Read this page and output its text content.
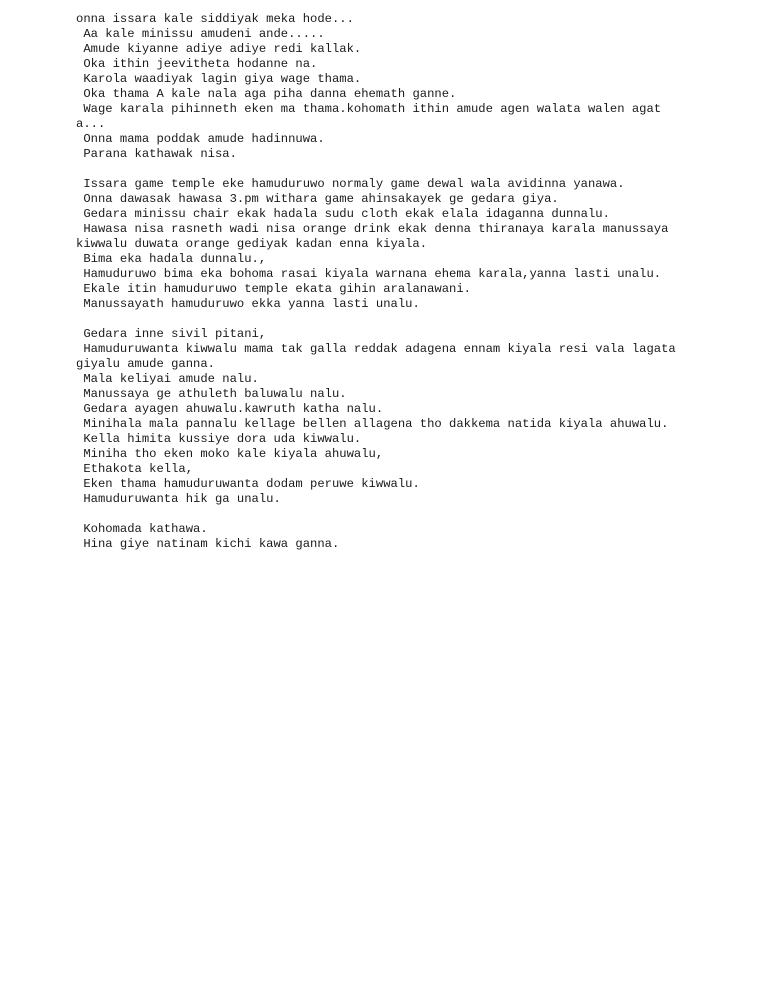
onna issara kale siddiyak meka hode...
Aa kale minissu amudeni ande.....
Amude kiyanne adiye adiye redi kallak.
Oka ithin jeevitheta hodanne na.
Karola waadiyak lagin giya wage thama.
Oka thama A kale nala aga piha danna ehemath ganne.
Wage karala pihinneth eken ma thama.kohomath ithin amude agen walata walen agata...
Onna mama poddak amude hadinnuwa.
Parana kathawak nisa.
Issara game temple eke hamuduruwo normaly game dewal wala avidinna yanawa.
Onna dawasak hawasa 3.pm withara game ahinsakayek ge gedara giya.
Gedara minissu chair ekak hadala sudu cloth ekak elala idaganna dunnalu.
Hawasa nisa rasneth wadi nisa orange drink ekak denna thiranaya karala manussaya kiwwalu duwata orange gediyak kadan enna kiyala.
Bima eka hadala dunnalu.,
Hamuduruwo bima eka bohoma rasai kiyala warnana ehema karala,yanna lasti unalu.
Ekale itin hamuduruwo temple ekata gihin aralanawani.
Manussayath hamuduruwo ekka yanna lasti unalu.
Gedara inne sivil pitani,
Hamuduruwanta kiwwalu mama tak galla reddak adagena ennam kiyala resi vala lagata giyalu amude ganna.
Mala keliyai amude nalu.
Manussaya ge athuleth baluwalu nalu.
Gedara ayagen ahuwalu.kawruth katha nalu.
Minihala mala pannalu kellage bellen allagena tho dakkema natida kiyala ahuwalu.
Kella himita kussiye dora uda kiwwalu.
Miniha tho eken moko kale kiyala ahuwalu,
Ethakota kella,
Eken thama hamuduruwanta dodam peruwe kiwwalu.
Hamuduruwanta hik ga unalu.
Kohomada kathawa.
Hina giye natinam kichi kawa ganna.
